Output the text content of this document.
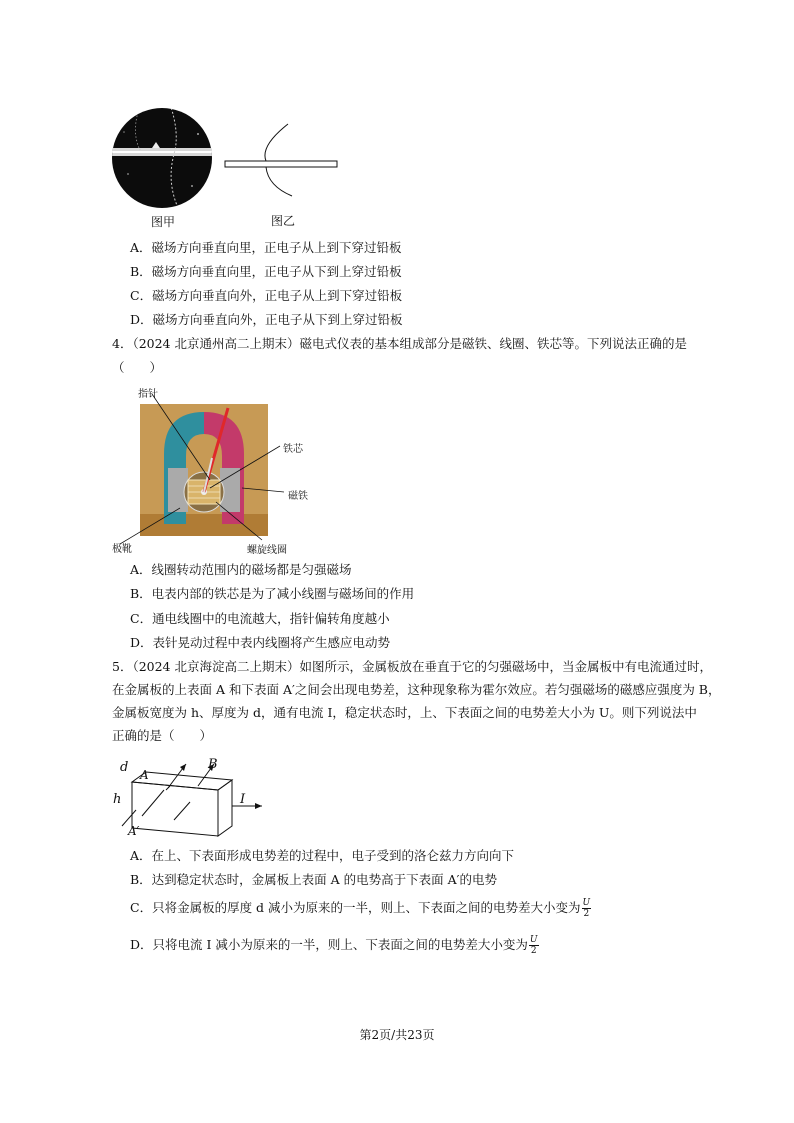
图甲	图乙
A．磁场方向垂直向里，正电子从上到下穿过铅板
B．磁场方向垂直向里，正电子从下到上穿过铅板
C．磁场方向垂直向外，正电子从上到下穿过铅板
D．磁场方向垂直向外，正电子从下到上穿过铅板
4．（2024 北京通州高二上期末）磁电式仪表的基本组成部分是磁铁、线圈、铁芯等。下列说法正确的是
（　　）
指针
铁芯
磁铁
极靴	螺旋线圈
A．线圈转动范围内的磁场都是匀强磁场
B．电表内部的铁芯是为了减小线圈与磁场间的作用
C．通电线圈中的电流越大，指针偏转角度越小
D．表针晃动过程中表内线圈将产生感应电动势
5．（2024 北京海淀高二上期末）如图所示，金属板放在垂直于它的匀强磁场中，当金属板中有电流通过时，
在金属板的上表面 A 和下表面 A′之间会出现电势差，这种现象称为霍尔效应。若匀强磁场的磁感应强度为 B，
金属板宽度为 h、厚度为 d，通有电流 I，稳定状态时，上、下表面之间的电势差大小为 U。则下列说法中
正确的是（　　）
d A
B
h	I
A′
A．在上、下表面形成电势差的过程中，电子受到的洛仑兹力方向向下
B．达到稳定状态时，金属板上表面 A 的电势高于下表面 A′的电势
C．只将金属板的厚度 d 减小为原来的一半，则上、下表面之间的电势差大小变为 $\frac{U}{2}$
D．只将电流 I 减小为原来的一半，则上、下表面之间的电势差大小变为 $\frac{U}{2}$
第2页/共23页
